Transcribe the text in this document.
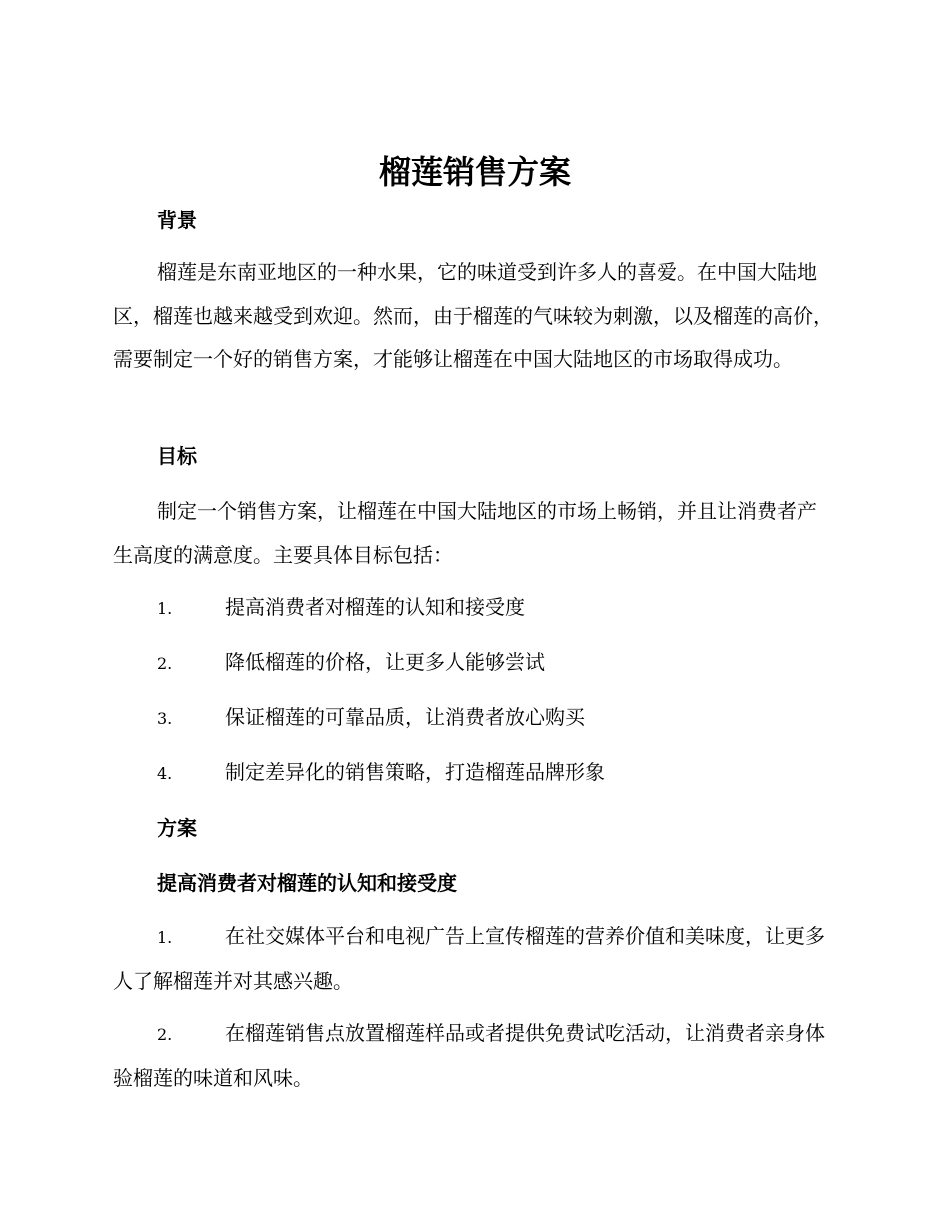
榴莲销售方案
背景

榴莲是东南亚地区的一种水果，它的味道受到许多人的喜爱。在中国大陆地区，榴莲也越来越受到欢迎。然而，由于榴莲的气味较为刺激，以及榴莲的高价，需要制定一个好的销售方案，才能够让榴莲在中国大陆地区的市场取得成功。

目标

制定一个销售方案，让榴莲在中国大陆地区的市场上畅销，并且让消费者产生高度的满意度。主要具体目标包括：

1.	提高消费者对榴莲的认知和接受度
2.	降低榴莲的价格，让更多人能够尝试
3.	保证榴莲的可靠品质，让消费者放心购买
4.	制定差异化的销售策略，打造榴莲品牌形象
方案
提高消费者对榴莲的认知和接受度

1.	在社交媒体平台和电视广告上宣传榴莲的营养价值和美味度，让更多人了解榴莲并对其感兴趣。

2.	在榴莲销售点放置榴莲样品或者提供免费试吃活动，让消费者亲身体验榴莲的味道和风味。
